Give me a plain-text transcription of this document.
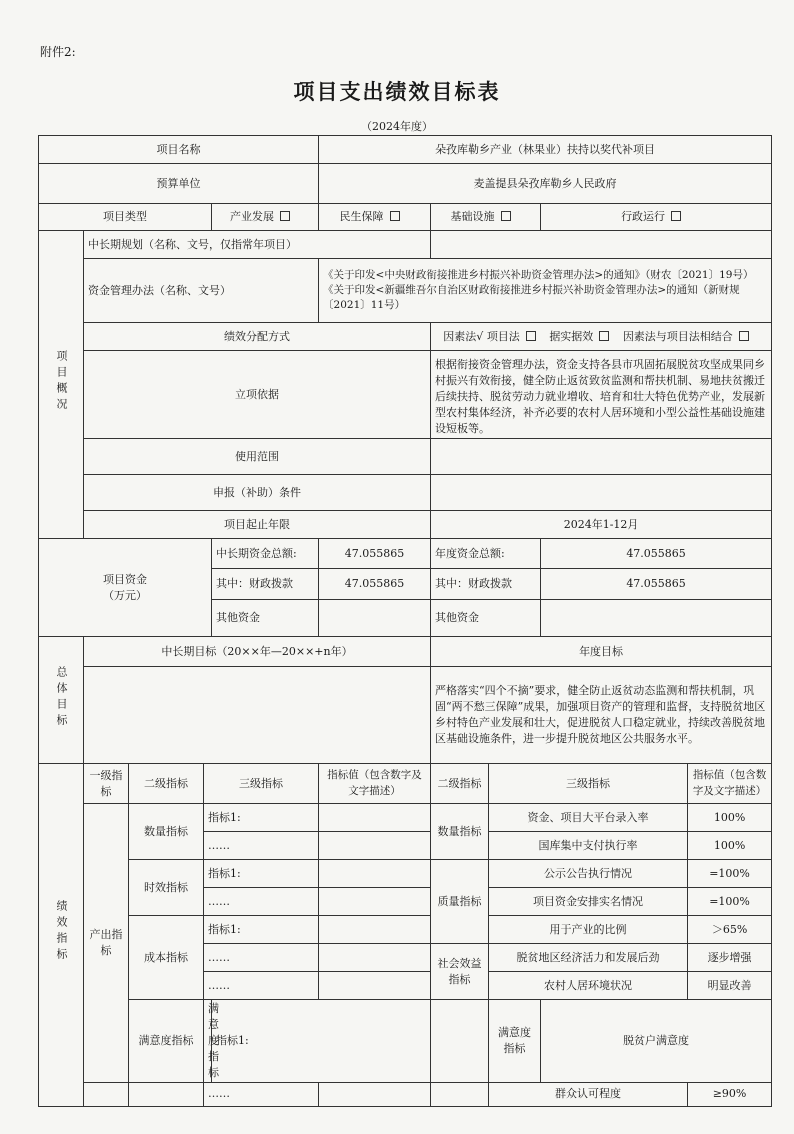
附件2:
项目支出绩效目标表
（2024年度）
项目名称					朵孜库勒乡产业（林果业）扶持以奖代补项目					
预算单位					麦盖提县朵孜库勒乡人民政府					
项目类型				产业发展	民生保障	基础设施		行政运行		
项目概况	中长期规划（名称、文号，仅指常年项目）									
	资金管理办法（名称、文号）				《关于印发<中央财政衔接推进乡村振兴补助资金管理办法>的通知》（财农〔2021〕19号）
《关于印发<新疆维吾尔自治区财政衔接推进乡村振兴补助资金管理办法>的通知（新财规〔2021〕11号）					

	绩效分配方式					因素法√ 项目法 据实据效 因素法与项目法相结合				
	立项依据					根据衔接资金管理办法，资金支持各县市巩固拓展脱贫攻坚成果同乡村振兴有效衔接，健全防止返贫致贫监测和帮扶机制、易地扶贫搬迁后续扶持、脱贫劳动力就业增收、培育和壮大特色优势产业，发展新型农村集体经济，补齐必要的农村人居环境和小型公益性基础设施建设短板等。				
	使用范围									
	申报（补助）条件									
	项目起止年限					2024年1-12月				

项目资金
（万元）				中长期资金总额:	47.055865	年度资金总额:		47.055865		
				其中：财政拨款	47.055865	其中：财政拨款		47.055865		
				其他资金		其他资金				
总体目标	中长期目标（20××年—20××+n年）					年度目标				
						严格落实“四个不摘”要求，健全防止返贫动态监测和帮扶机制，巩固“两不愁三保障”成果，加强项目资产的管理和监督，支持脱贫地区乡村特色产业发展和壮大，促进脱贫人口稳定就业，持续改善脱贫地区基础设施条件，进一步提升脱贫地区公共服务水平。				
绩效指标	一级指标	二级指标	三级指标		指标值（包含数字及文字描述）	二级指标	三级指标		指标值（包含数字及文字描述）	
	产出指标	数量指标	指标1:			数量指标	资金、项目大平台录入率		100%	
			……				国库集中支付执行率		100%	
		时效指标	指标1:			质量指标	公示公告执行情况		=100%	
			……				项目资金安排实名情况		=100%	
		成本指标	指标1:				用于产业的比例		＞65%	
			……			社会效益指标	脱贫地区经济活力和发展后劲		逐步增强	
			……				农村人居环境状况		明显改善	
		满意度指标	满意度指标	指标1:			满意度指标	脱贫户满意度	
			……				群众认可程度		≥90%	
